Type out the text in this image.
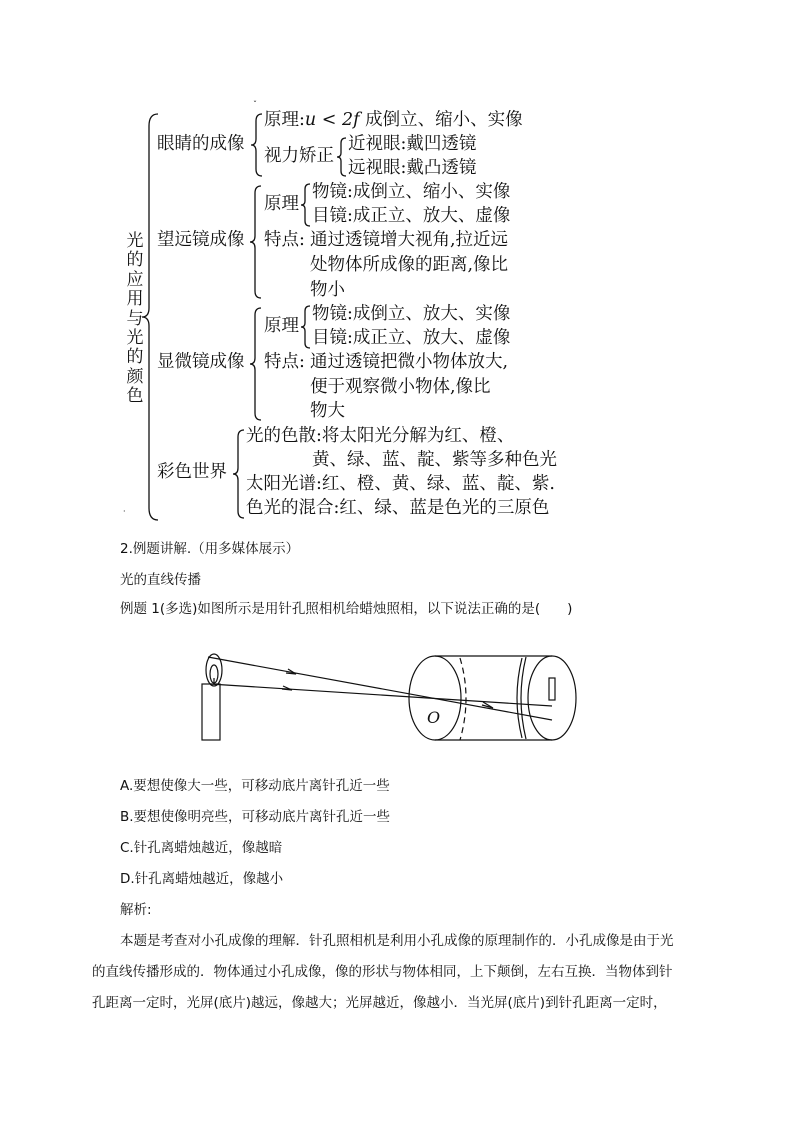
ˇ
光
的
应
用
与
光
的
颜
色
眼睛的成像
原理:u < 2f 成倒立、缩小、实像
视力矫正
近视眼:戴凹透镜
远视眼:戴凸透镜
望远镜成像
原理
物镜:成倒立、缩小、实像
目镜:成正立、放大、虚像
特点: 通过透镜增大视角,拉近远
处物体所成像的距离,像比
物小
显微镜成像
原理
物镜:成倒立、放大、实像
目镜:成正立、放大、虚像
特点: 通过透镜把微小物体放大,
便于观察微小物体,像比
物大
彩色世界
光的色散:将太阳光分解为红、橙、
黄、绿、蓝、靛、紫等多种色光
太阳光谱:红、橙、黄、绿、蓝、靛、紫.
色光的混合:红、绿、蓝是色光的三原色
·
2.例题讲解.（用多媒体展示）
光的直线传播
例题 1(多选)如图所示是用针孔照相机给蜡烛照相，以下说法正确的是(　　)
O
A.要想使像大一些，可移动底片离针孔近一些
B.要想使像明亮些，可移动底片离针孔近一些
C.针孔离蜡烛越近，像越暗
D.针孔离蜡烛越近，像越小
解析:
本题是考查对小孔成像的理解．针孔照相机是利用小孔成像的原理制作的．小孔成像是由于光
的直线传播形成的．物体通过小孔成像，像的形状与物体相同，上下颠倒，左右互换．当物体到针
孔距离一定时，光屏(底片)越远，像越大；光屏越近，像越小．当光屏(底片)到针孔距离一定时，
